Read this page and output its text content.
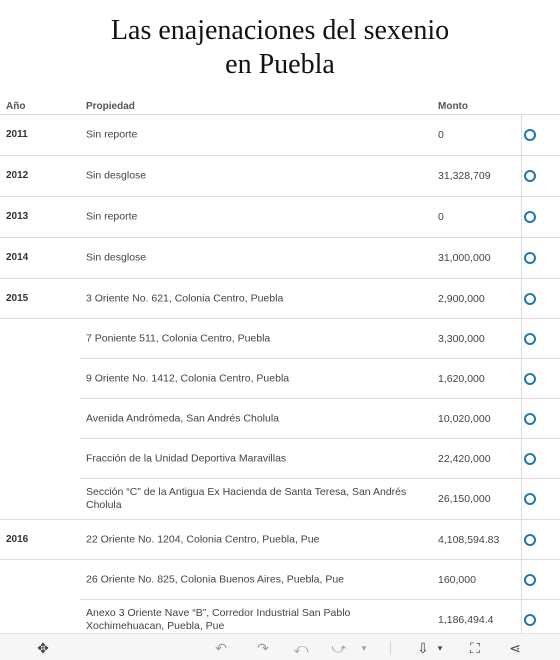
Las enajenaciones del sexenio
en Puebla
Año	Propiedad	Monto
2011	Sin reporte	0
2012	Sin desglose	31,328,709
2013	Sin reporte	0
2014	Sin desglose	31,000,000
2015	3 Oriente No. 621, Colonia Centro, Puebla	2,900,000
7 Poniente 511, Colonia Centro, Puebla	3,300,000
9 Oriente No. 1412, Colonia Centro, Puebla	1,620,000
Avenida Andrómeda, San Andrés Cholula	10,020,000
Fracción de la Unidad Deportiva Maravillas	22,420,000
Sección “C” de la Antigua Ex Hacienda de Santa Teresa, San Andrés Cholula	26,150,000
2016	22 Oriente No. 1204, Colonia Centro, Puebla, Pue	4,108,594.83
26 Oriente No. 825, Colonia Buenos Aires, Puebla, Pue	160,000
Anexo 3 Oriente Nave “B”, Corredor Industrial San Pablo Xochimehuacan, Puebla, Pue	1,186,494.4
✥	↶ ↷ ⤺ ⤻	▾	⇩ ▾ ⛶ ⋖
